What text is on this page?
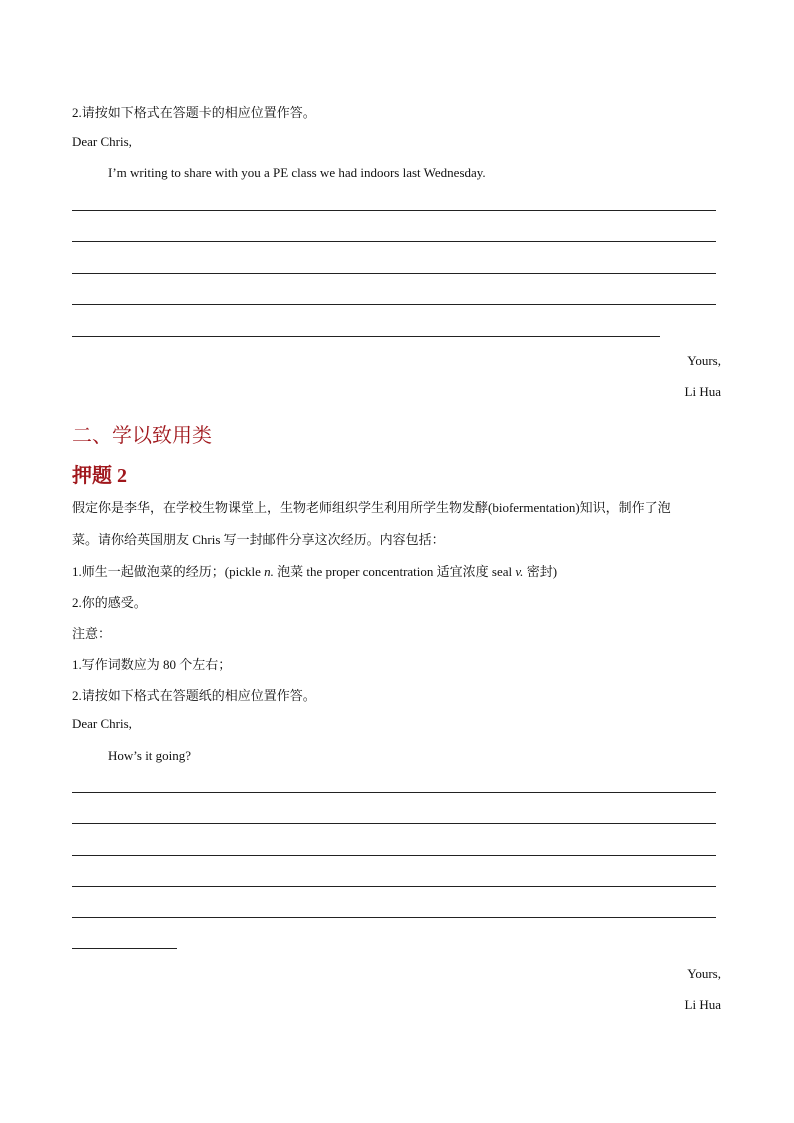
2.请按如下格式在答题卡的相应位置作答。
Dear Chris,
I’m writing to share with you a PE class we had indoors last Wednesday.
Yours,
Li Hua
二、学以致用类
押题 2
假定你是李华，在学校生物课堂上，生物老师组织学生利用所学生物发酵(biofermentation)知识，制作了泡
菜。请你给英国朋友 Chris 写一封邮件分享这次经历。内容包括：
1.师生一起做泡菜的经历；(pickle n. 泡菜 the proper concentration 适宜浓度 seal v. 密封)
2.你的感受。
注意：
1.写作词数应为 80 个左右；
2.请按如下格式在答题纸的相应位置作答。
Dear Chris,
How’s it going?
Yours,
Li Hua
